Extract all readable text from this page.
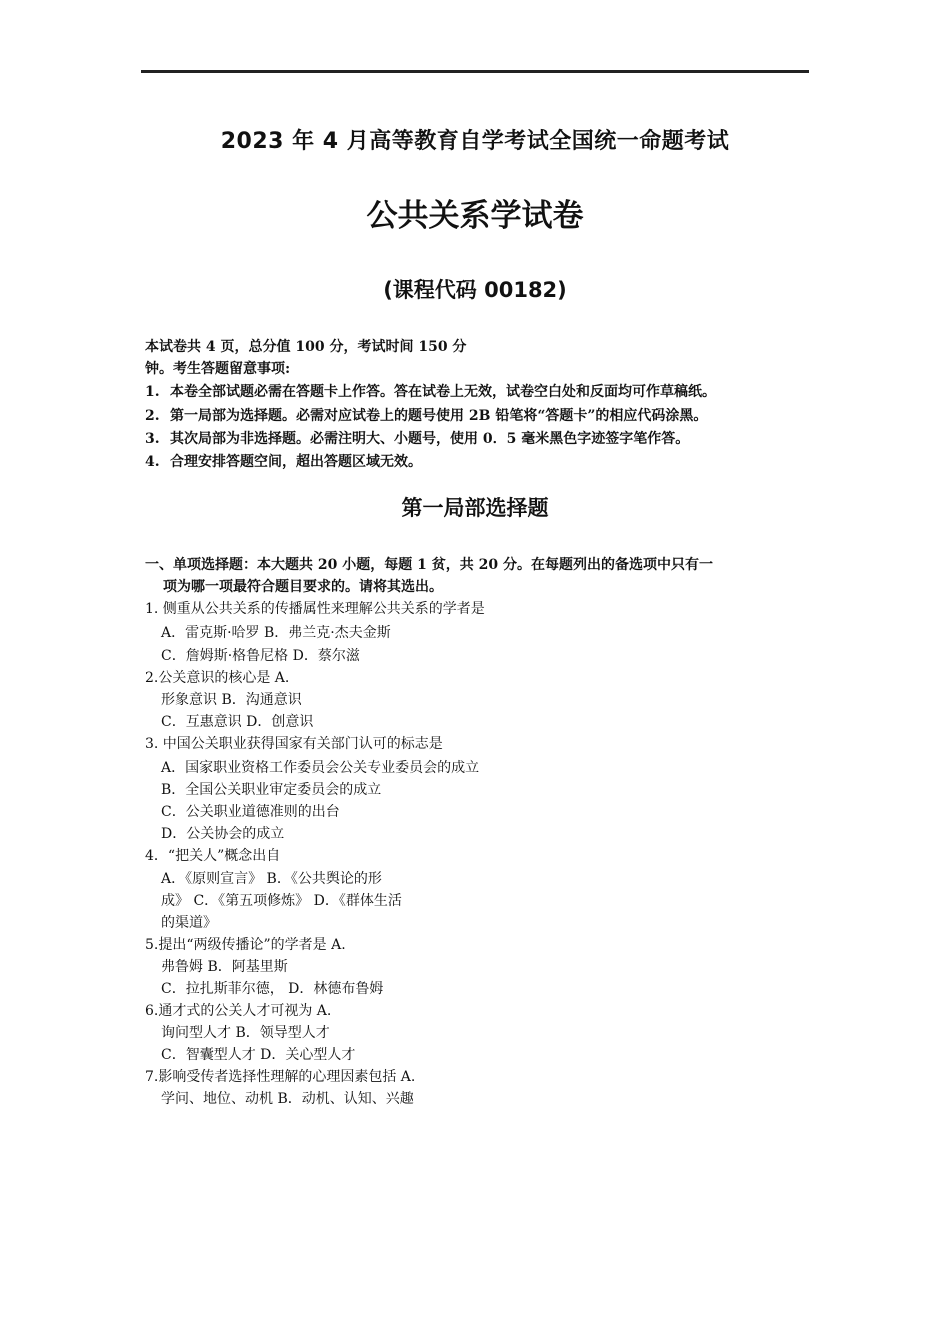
2023 年 4 月高等教育自学考试全国统一命题考试
公共关系学试卷
(课程代码 00182)
本试卷共 4 页，总分值 100 分，考试时间 150 分
钟。考生答题留意事项:
1. 本卷全部试题必需在答题卡上作答。答在试卷上无效，试卷空白处和反面均可作草稿纸。
2. 第一局部为选择题。必需对应试卷上的题号使用 2B 铅笔将“答题卡”的相应代码涂黑。
3. 其次局部为非选择题。必需注明大、小题号，使用 0．5 毫米黑色字迹签字笔作答。
4. 合理安排答题空间，超出答题区域无效。
第一局部选择题
一、单项选择题：本大题共 20 小题，每题 1 贫，共 20 分。在每题列出的备选项中只有一
项为哪一项最符合题目要求的。请将其选出。
1. 侧重从公共关系的传播属性来理解公共关系的学者是
A．雷克斯·哈罗 B．弗兰克·杰夫金斯
C．詹姆斯·格鲁尼格 D．蔡尔滋
2.公关意识的核心是 A.
形象意识 B．沟通意识
C．互惠意识 D．创意识
3. 中国公关职业获得国家有关部门认可的标志是
A．国家职业资格工作委员会公关专业委员会的成立
B．全国公关职业审定委员会的成立
C．公关职业道德准则的出台
D．公关协会的成立
4．“把关人”概念出自
A．《原则宣言》 B．《公共舆论的形
成》 C．《第五项修炼》 D．《群体生活
的渠道》
5.提出“两级传播论”的学者是 A.
弗鲁姆 B．阿基里斯
C．拉扎斯菲尔德， D．林德布鲁姆
6.通才式的公关人才可视为 A.
询问型人才 B．领导型人才
C．智囊型人才 D．关心型人才
7.影响受传者选择性理解的心理因素包括 A.
学问、地位、动机 B．动机、认知、兴趣
